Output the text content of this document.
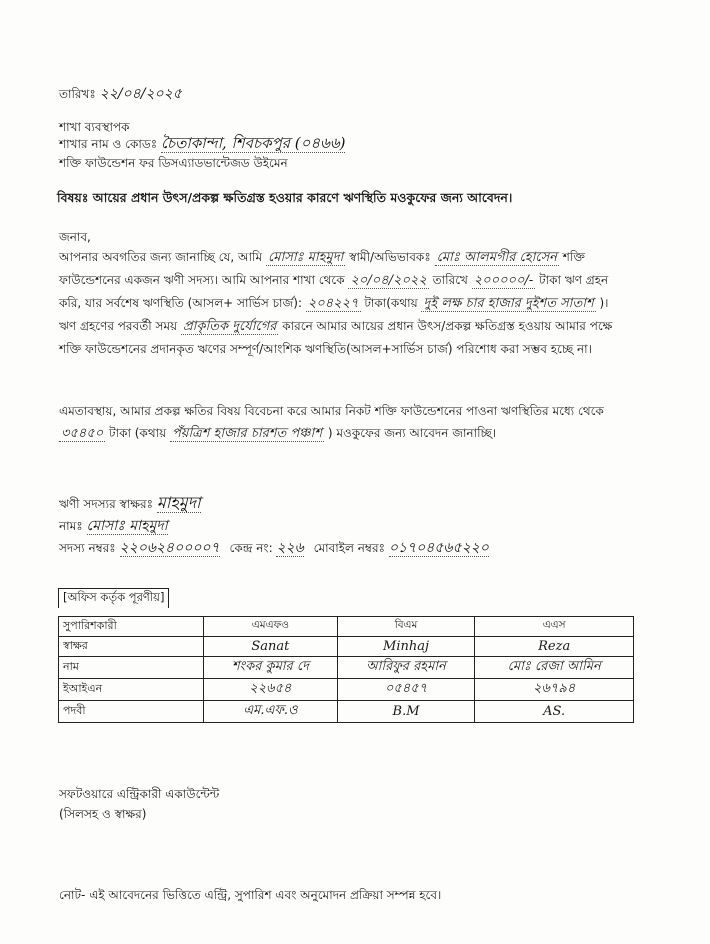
তারিখঃ ২২/০৪/২০২৫
শাখা ব্যবস্থাপক
শাখার নাম ও কোডঃ চৈতাকান্দা, শিবচকপুর (০৪৬৬)
শক্তি ফাউন্ডেশন ফর ডিসএ্যাডভান্টেজড উইমেন
বিষয়ঃ আয়ের প্রধান উৎস/প্রকল্প ক্ষতিগ্রস্ত হওয়ার কারণে ঋণস্থিতি মওকুফের জন্য আবেদন।
জনাব,
আপনার অবগতির জন্য জানাচ্ছি যে, আমি মোসাঃ মাহমুদা স্বামী/অভিভাবকঃ মোঃ আলমগীর হোসেন শক্তি ফাউন্ডেশনের একজন ঋণী সদস্য। আমি আপনার শাখা থেকে ২০/০৪/২০২২ তারিখে ২০০০০০/- টাকা ঋণ গ্রহন করি, যার সর্বশেষ ঋণস্থিতি (আসল+ সার্ভিস চার্জ): ২০৪২২৭ টাকা(কথায় দুই লক্ষ চার হাজার দুইশত সাতাশ )। ঋণ গ্রহণের পরবর্তী সময় প্রাকৃতিক দুর্যোগের কারনে আমার আয়ের প্রধান উৎস/প্রকল্প ক্ষতিগ্রস্ত হওয়ায় আমার পক্ষে শক্তি ফাউন্ডেশনের প্রদানকৃত ঋণের সম্পূর্ণ/আংশিক ঋণস্থিতি(আসল+সার্ভিস চার্জ) পরিশোধ করা সম্ভব হচ্ছে না।
এমতাবস্থায়, আমার প্রকল্প ক্ষতির বিষয় বিবেচনা করে আমার নিকট শক্তি ফাউন্ডেশনের পাওনা ঋণস্থিতির মধ্যে থেকে ৩৫৪৫০ টাকা (কথায় পঁয়ত্রিশ হাজার চারশত পঞ্চাশ ) মওকুফের জন্য আবেদন জানাচ্ছি।
ঋণী সদস্যর স্বাক্ষরঃ মাহমুদা
নামঃ মোসাঃ মাহমুদা
সদস্য নম্বরঃ ২২০৬২৪০০০০৭ কেন্দ্র নং: ২২৬ মোবাইল নম্বরঃ ০১৭০৪৫৬৫২২০
[অফিস কর্তৃক পূরণীয়]
সুপারিশকারী	এমএফও	বিএম	এএস
স্বাক্ষর	Sanat	Minhaj	Reza
নাম	শংকর কুমার দে	আরিফুর রহমান	মোঃ রেজা আমিন
ইআইএন	২২৬৫৪	০৫৪৫৭	২৬৭৯৪
পদবী	এম.এফ.ও	B.M	AS.
সফটওয়ারে এন্ট্রিকারী একাউন্টেন্ট
(সিলসহ ও স্বাক্ষর)
নোট- এই আবেদনের ভিত্তিতে এন্ট্রি, সুপারিশ এবং অনুমোদন প্রক্রিয়া সম্পন্ন হবে।
